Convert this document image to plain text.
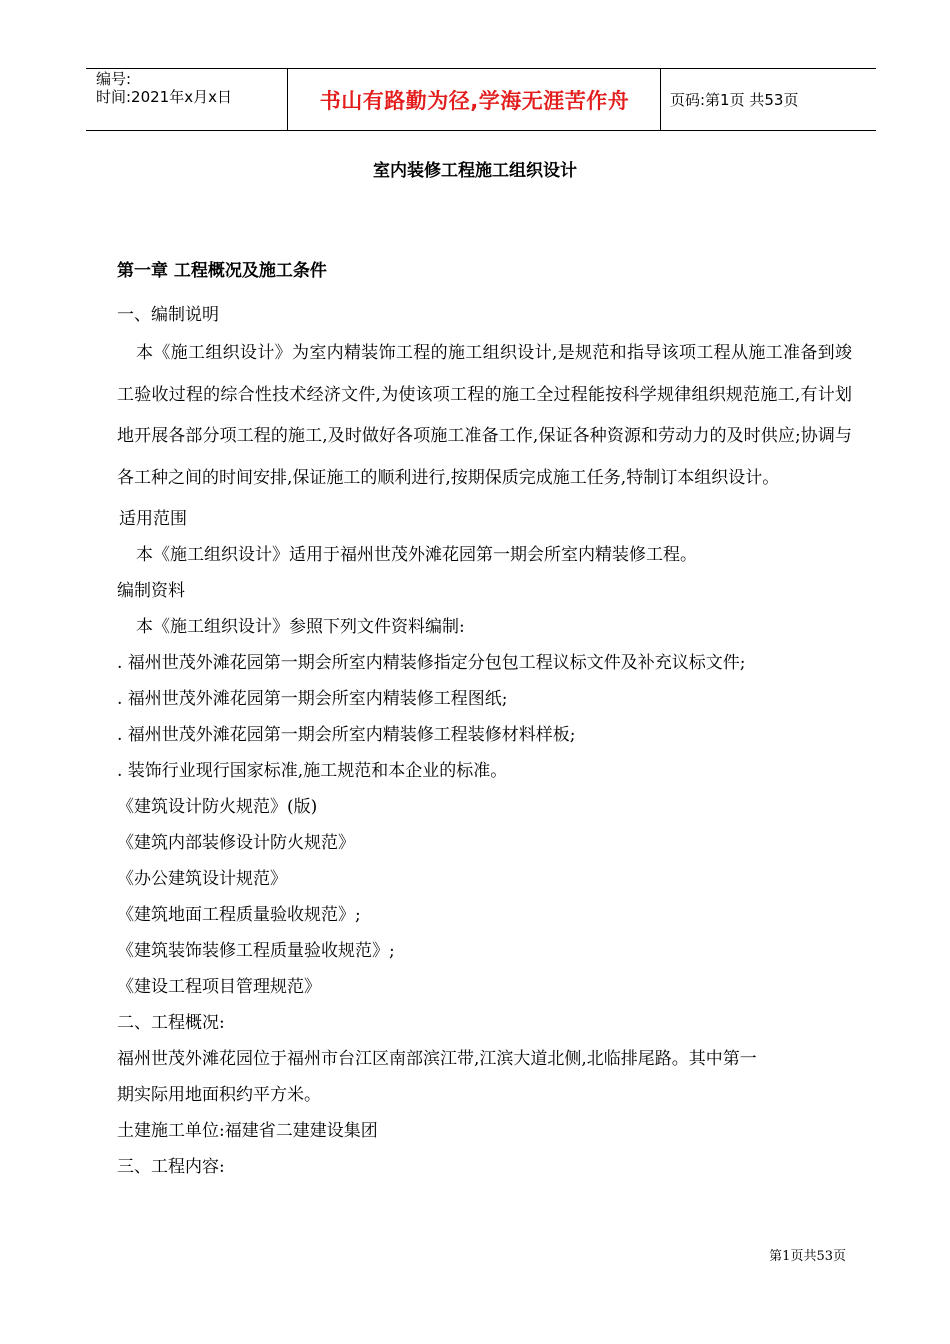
编号:
时间:2021年x月x日	书山有路勤为径,学海无涯苦作舟	页码:第1页 共53页
室内装修工程施工组织设计
第一章 工程概况及施工条件
一、编制说明
本《施工组织设计》为室内精装饰工程的施工组织设计,是规范和指导该项工程从施工准备到竣工验收过程的综合性技术经济文件,为使该项工程的施工全过程能按科学规律组织规范施工,有计划地开展各部分项工程的施工,及时做好各项施工准备工作,保证各种资源和劳动力的及时供应;协调与各工种之间的时间安排,保证施工的顺利进行,按期保质完成施工任务,特制订本组织设计。
适用范围
本《施工组织设计》适用于福州世茂外滩花园第一期会所室内精装修工程。
编制资料
本《施工组织设计》参照下列文件资料编制:
. 福州世茂外滩花园第一期会所室内精装修指定分包包工程议标文件及补充议标文件;
. 福州世茂外滩花园第一期会所室内精装修工程图纸;
. 福州世茂外滩花园第一期会所室内精装修工程装修材料样板;
. 装饰行业现行国家标准,施工规范和本企业的标准。
《建筑设计防火规范》(版)
《建筑内部装修设计防火规范》
《办公建筑设计规范》
《建筑地面工程质量验收规范》;
《建筑装饰装修工程质量验收规范》;
《建设工程项目管理规范》
二、工程概况:
福州世茂外滩花园位于福州市台江区南部滨江带,江滨大道北侧,北临排尾路。其中第一
期实际用地面积约平方米。
土建施工单位:福建省二建建设集团
三、工程内容:
第1页共53页
